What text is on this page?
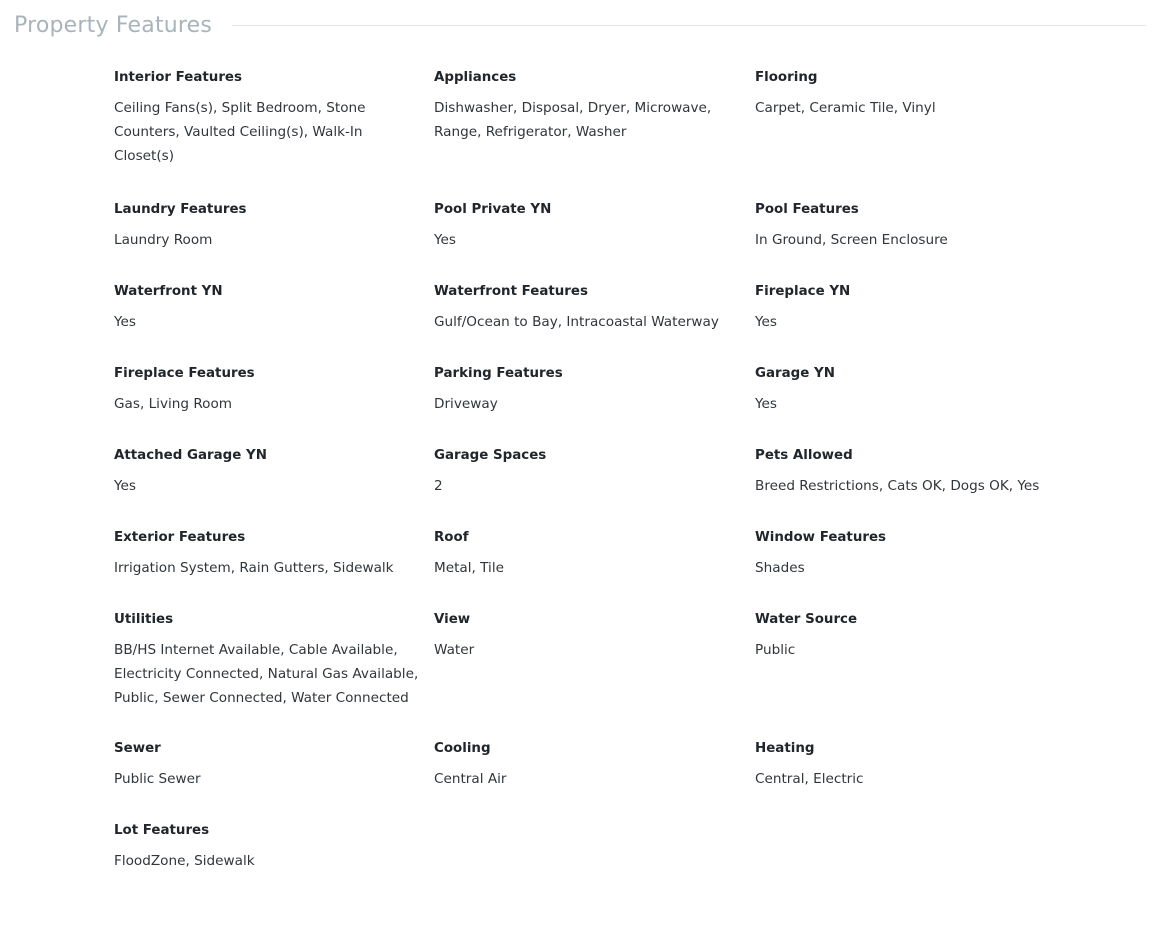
Property Features
Interior Features
Ceiling Fans(s), Split Bedroom, Stone Counters, Vaulted Ceiling(s), Walk-In Closet(s)
Appliances
Dishwasher, Disposal, Dryer, Microwave, Range, Refrigerator, Washer
Flooring
Carpet, Ceramic Tile, Vinyl
Laundry Features
Laundry Room
Pool Private YN
Yes
Pool Features
In Ground, Screen Enclosure
Waterfront YN
Yes
Waterfront Features
Gulf/Ocean to Bay, Intracoastal Waterway
Fireplace YN
Yes
Fireplace Features
Gas, Living Room
Parking Features
Driveway
Garage YN
Yes
Attached Garage YN
Yes
Garage Spaces
2
Pets Allowed
Breed Restrictions, Cats OK, Dogs OK, Yes
Exterior Features
Irrigation System, Rain Gutters, Sidewalk
Roof
Metal, Tile
Window Features
Shades
Utilities
BB/HS Internet Available, Cable Available, Electricity Connected, Natural Gas Available, Public, Sewer Connected, Water Connected
View
Water
Water Source
Public
Sewer
Public Sewer
Cooling
Central Air
Heating
Central, Electric
Lot Features
FloodZone, Sidewalk
